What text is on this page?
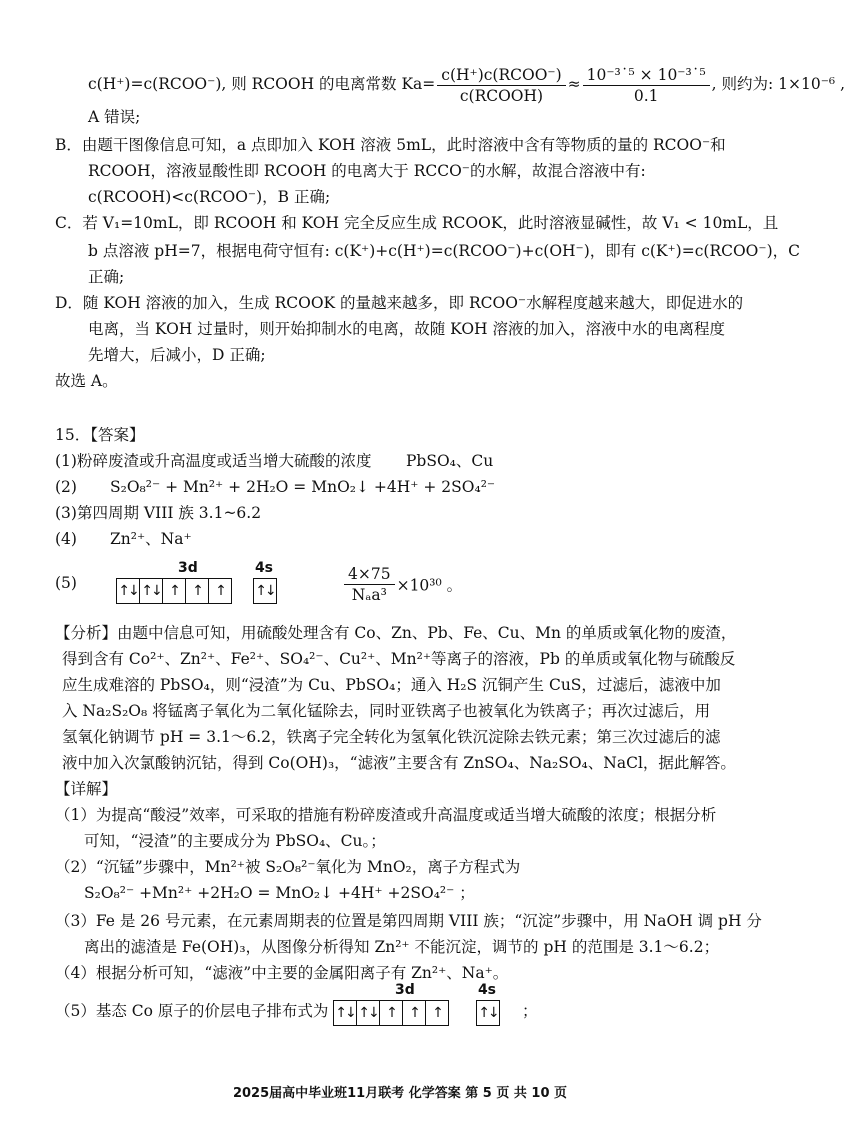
c(H⁺)=c(RCOO⁻), 则 RCOOH 的电离常数 $Ka= \frac{\text{c(H⁺)c(RCOO⁻)}}{\text{c(RCOOH)}} \approx \frac{\text{10⁻³˙⁵ × 10⁻³˙⁵}}{0.1}$ , 则约为: 1×10⁻⁶ ,
A 错误;
B．由题干图像信息可知，a 点即加入 KOH 溶液 5mL，此时溶液中含有等物质的量的 RCOO⁻和
RCOOH，溶液显酸性即 RCOOH 的电离大于 RCCO⁻的水解，故混合溶液中有:
c(RCOOH)<c(RCOO⁻)，B 正确;
C．若 V₁=10mL，即 RCOOH 和 KOH 完全反应生成 RCOOK，此时溶液显碱性，故 V₁ < 10mL，且
b 点溶液 pH=7，根据电荷守恒有: c(K⁺)+c(H⁺)=c(RCOO⁻)+c(OH⁻)，即有 c(K⁺)=c(RCOO⁻)，C
正确;
D．随 KOH 溶液的加入，生成 RCOOK 的量越来越多，即 RCOO⁻水解程度越来越大，即促进水的
电离，当 KOH 过量时，则开始抑制水的电离，故随 KOH 溶液的加入，溶液中水的电离程度
先增大，后减小，D 正确;
故选 A。
15．【答案】
(1)粉碎废渣或升高温度或适当增大硫酸的浓度 PbSO₄、Cu
(2) S₂O₈²⁻ + Mn²⁺ + 2H₂O = MnO₂↓ +4H⁺ + 2SO₄²⁻
(3)第四周期 VIII 族 3.1~6.2
(4) Zn²⁺、Na⁺
(5)
3d
↑↓ ↑↓ ↑ ↑ ↑

4s
↑↓	$\frac{4\times 75}{\text{Nₐa³}} \times 10^{30}$ 。
【分析】由题中信息可知，用硫酸处理含有 Co、Zn、Pb、Fe、Cu、Mn 的单质或氧化物的废渣，
得到含有 Co²⁺、Zn²⁺、Fe²⁺、SO₄²⁻、Cu²⁺、Mn²⁺等离子的溶液，Pb 的单质或氧化物与硫酸反
应生成难溶的 PbSO₄，则“浸渣”为 Cu、PbSO₄；通入 H₂S 沉铜产生 CuS，过滤后，滤液中加
入 Na₂S₂O₈ 将锰离子氧化为二氧化锰除去，同时亚铁离子也被氧化为铁离子；再次过滤后，用
氢氧化钠调节 pH = 3.1～6.2，铁离子完全转化为氢氧化铁沉淀除去铁元素；第三次过滤后的滤
液中加入次氯酸钠沉钴，得到 Co(OH)₃，“滤液”主要含有 ZnSO₄、Na₂SO₄、NaCl，据此解答。
【详解】
（1）为提高“酸浸”效率，可采取的措施有粉碎废渣或升高温度或适当增大硫酸的浓度；根据分析
可知，“浸渣”的主要成分为 PbSO₄、Cu。；
（2）“沉锰”步骤中，Mn²⁺被 S₂O₈²⁻氧化为 MnO₂，离子方程式为
S₂O₈²⁻ +Mn²⁺ +2H₂O = MnO₂↓ +4H⁺ +2SO₄²⁻ ；
（3）Fe 是 26 号元素，在元素周期表的位置是第四周期 VIII 族；“沉淀”步骤中，用 NaOH 调 pH 分
离出的滤渣是 Fe(OH)₃，从图像分析得知 Zn²⁺ 不能沉淀，调节的 pH 的范围是 3.1～6.2；
（4）根据分析可知，“滤液”中主要的金属阳离子有 Zn²⁺、Na⁺。
（5）基态 Co 原子的价层电子排布式为
3d
↑↓ ↑↓ ↑ ↑ ↑

4s
↑↓ ；
2025届高中毕业班11月联考 化学答案 第 5 页 共 10 页
